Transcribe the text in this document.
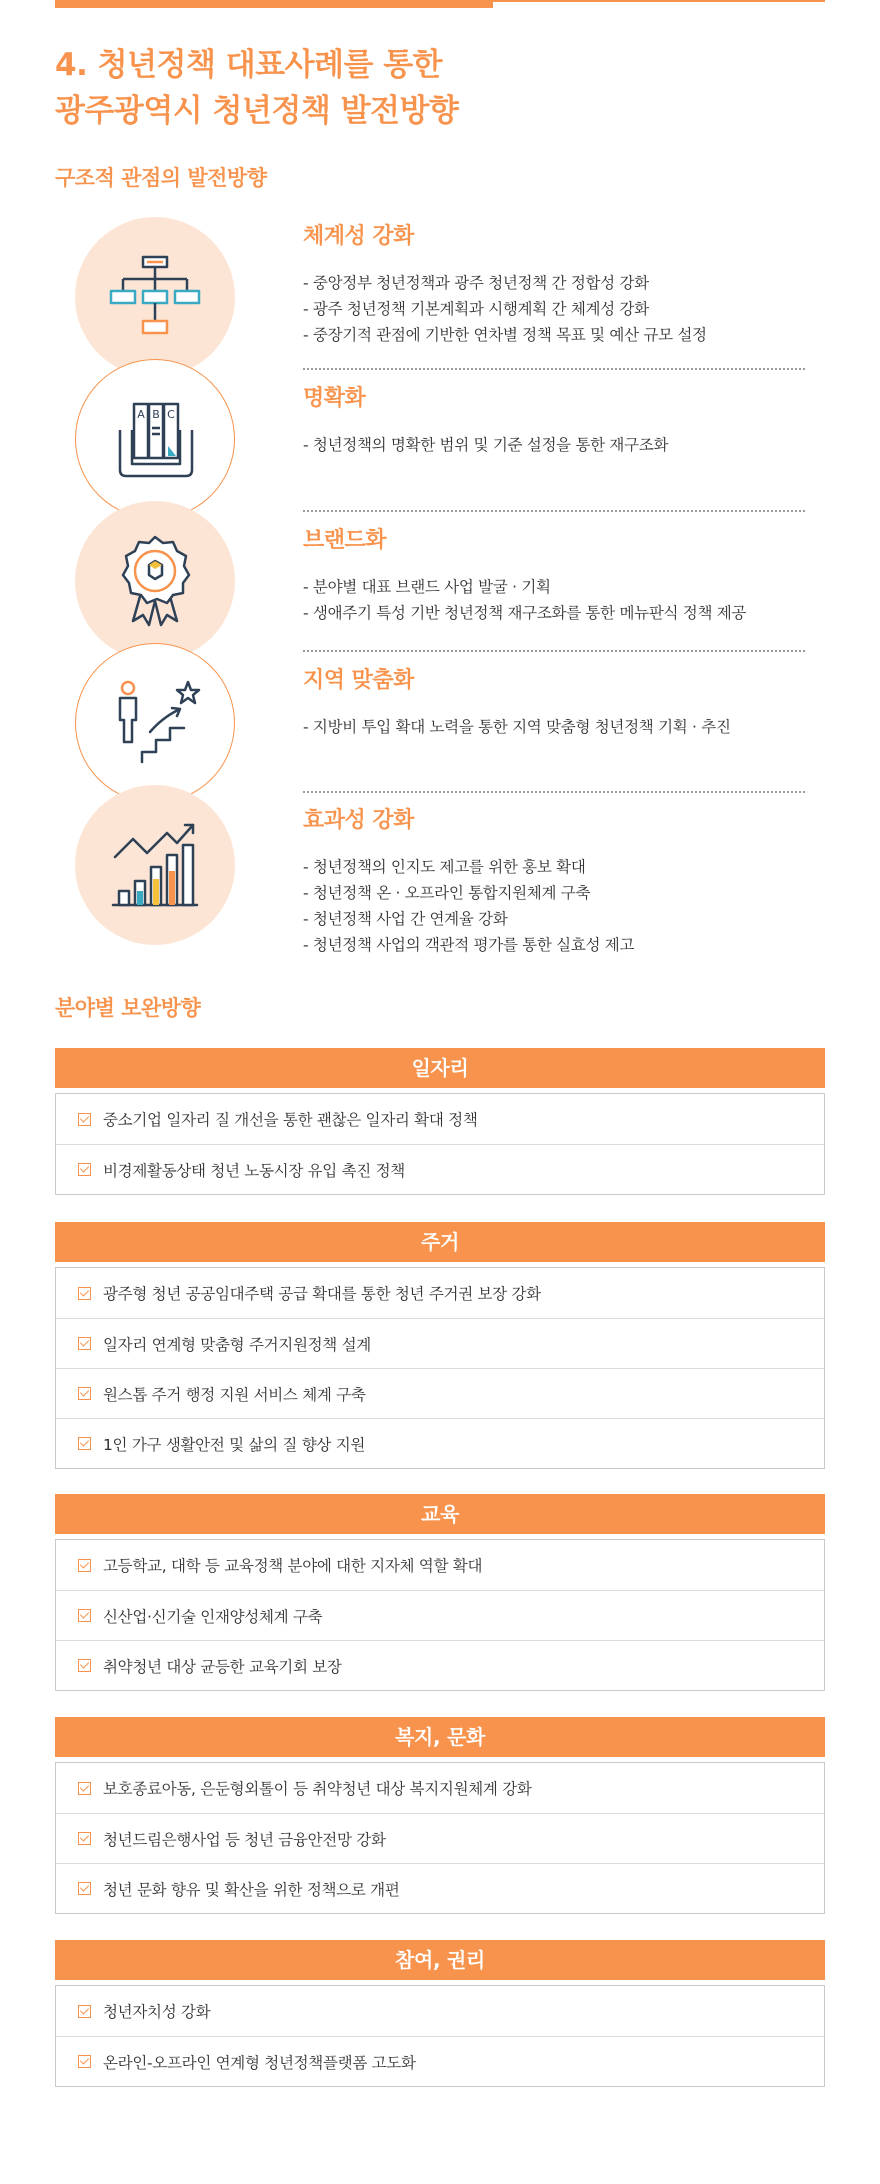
4. 청년정책 대표사례를 통한
광주광역시 청년정책 발전방향
구조적 관점의 발전방향
A B C
체계성 강화
- 중앙정부 청년정책과 광주 청년정책 간 정합성 강화
- 광주 청년정책 기본계획과 시행계획 간 체계성 강화
- 중장기적 관점에 기반한 연차별 정책 목표 및 예산 규모 설정
명확화
- 청년정책의 명확한 범위 및 기준 설정을 통한 재구조화
브랜드화
- 분야별 대표 브랜드 사업 발굴 · 기획
- 생애주기 특성 기반 청년정책 재구조화를 통한 메뉴판식 정책 제공
지역 맞춤화
- 지방비 투입 확대 노력을 통한 지역 맞춤형 청년정책 기획 · 추진
효과성 강화
- 청년정책의 인지도 제고를 위한 홍보 확대
- 청년정책 온 · 오프라인 통합지원체계 구축
- 청년정책 사업 간 연계율 강화
- 청년정책 사업의 객관적 평가를 통한 실효성 제고
분야별 보완방향
일자리
중소기업 일자리 질 개선을 통한 괜찮은 일자리 확대 정책
비경제활동상태 청년 노동시장 유입 촉진 정책
주거
광주형 청년 공공임대주택 공급 확대를 통한 청년 주거권 보장 강화
일자리 연계형 맞춤형 주거지원정책 설계
원스톱 주거 행정 지원 서비스 체계 구축
1인 가구 생활안전 및 삶의 질 향상 지원
교육
고등학교, 대학 등 교육정책 분야에 대한 지자체 역할 확대
신산업·신기술 인재양성체계 구축
취약청년 대상 균등한 교육기회 보장
복지, 문화
보호종료아동, 은둔형외톨이 등 취약청년 대상 복지지원체계 강화
청년드림은행사업 등 청년 금융안전망 강화
청년 문화 향유 및 확산을 위한 정책으로 개편
참여, 권리
청년자치성 강화
온라인-오프라인 연계형 청년정책플랫폼 고도화
